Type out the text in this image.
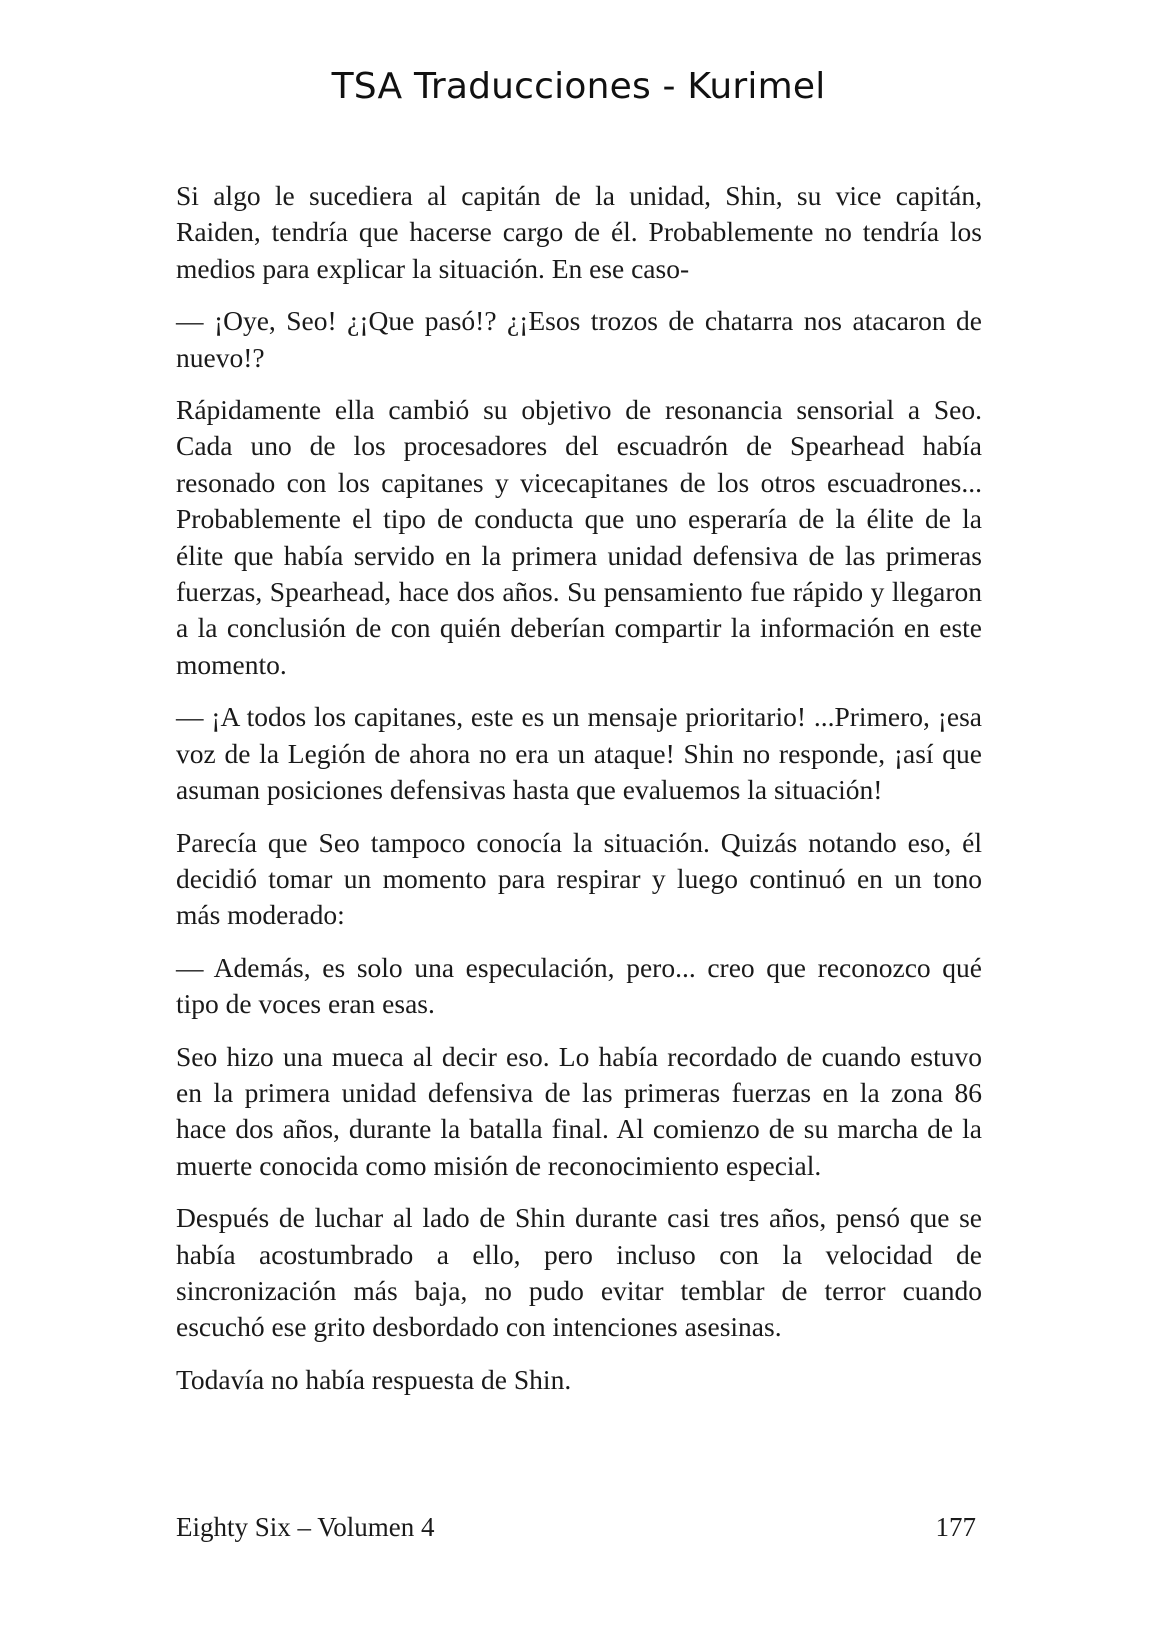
TSA Traducciones - Kurimel

Si algo le sucediera al capitán de la unidad, Shin, su vice capitán, Raiden, tendría que hacerse cargo de él. Probablemente no tendría los medios para explicar la situación. En ese caso-

— ¡Oye, Seo! ¿¡Que pasó!? ¿¡Esos trozos de chatarra nos atacaron de nuevo!?

Rápidamente ella cambió su objetivo de resonancia sensorial a Seo. Cada uno de los procesadores del escuadrón de Spearhead había resonado con los capitanes y vicecapitanes de los otros escuadrones... Probablemente el tipo de conducta que uno esperaría de la élite de la élite que había servido en la primera unidad defensiva de las primeras fuerzas, Spearhead, hace dos años. Su pensamiento fue rápido y llegaron a la conclusión de con quién deberían compartir la información en este momento.

— ¡A todos los capitanes, este es un mensaje prioritario! ...Primero, ¡esa voz de la Legión de ahora no era un ataque! Shin no responde, ¡así que asuman posiciones defensivas hasta que evaluemos la situación!

Parecía que Seo tampoco conocía la situación. Quizás notando eso, él decidió tomar un momento para respirar y luego continuó en un tono más moderado:

— Además, es solo una especulación, pero... creo que reconozco qué tipo de voces eran esas.

Seo hizo una mueca al decir eso. Lo había recordado de cuando estuvo en la primera unidad defensiva de las primeras fuerzas en la zona 86 hace dos años, durante la batalla final. Al comienzo de su marcha de la muerte conocida como misión de reconocimiento especial.

Después de luchar al lado de Shin durante casi tres años, pensó que se había acostumbrado a ello, pero incluso con la velocidad de sincronización más baja, no pudo evitar temblar de terror cuando escuchó ese grito desbordado con intenciones asesinas.

Todavía no había respuesta de Shin.

Eighty Six – Volumen 4	177
